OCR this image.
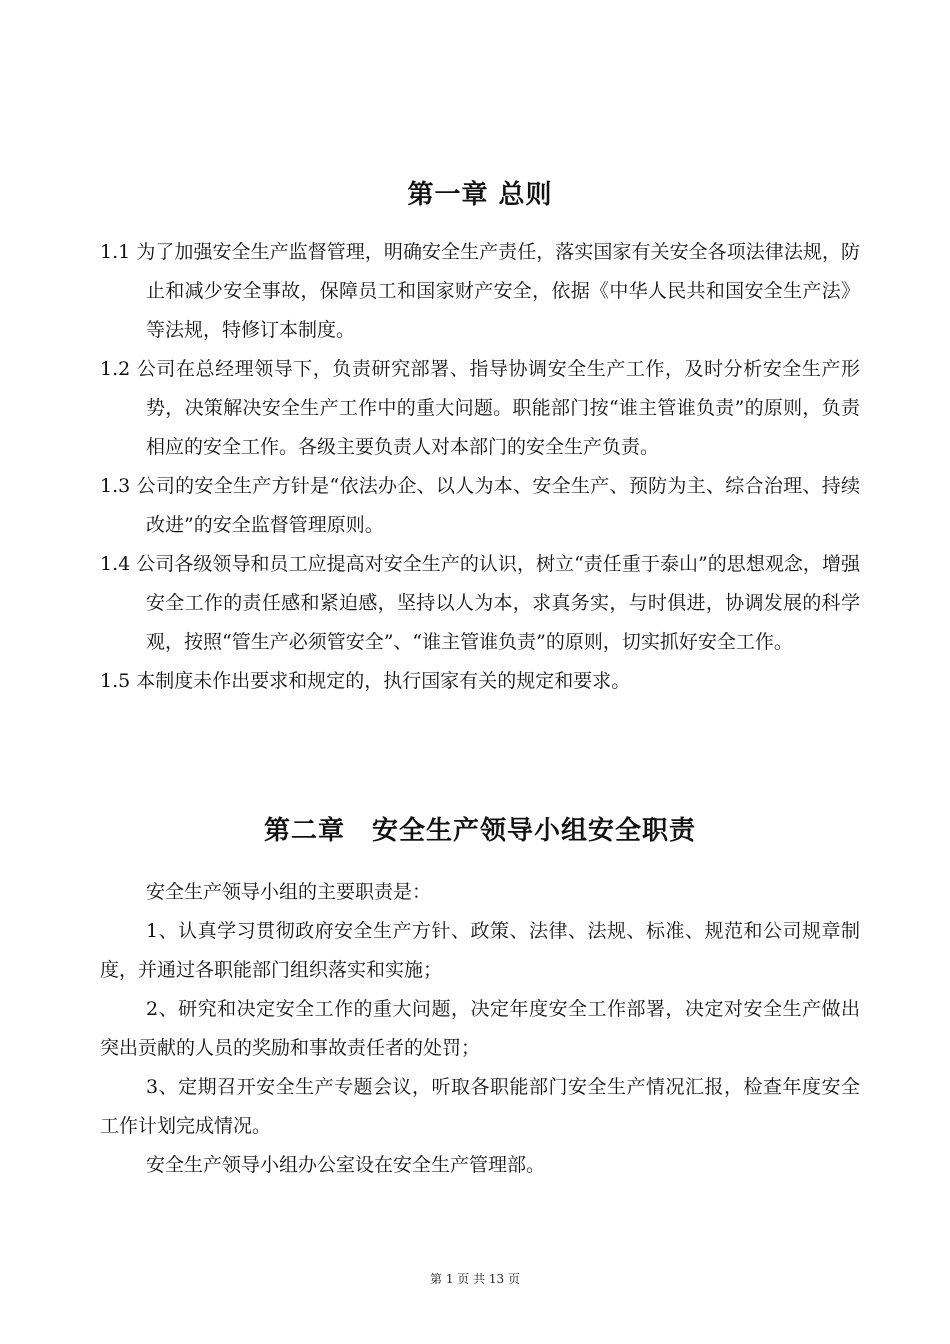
第一章 总则

1.1 为了加强安全生产监督管理，明确安全生产责任，落实国家有关安全各项法律法规，防止和减少安全事故，保障员工和国家财产安全，依据《中华人民共和国安全生产法》等法规，特修订本制度。

1.2 公司在总经理领导下，负责研究部署、指导协调安全生产工作，及时分析安全生产形势，决策解决安全生产工作中的重大问题。职能部门按“谁主管谁负责”的原则，负责相应的安全工作。各级主要负责人对本部门的安全生产负责。

1.3 公司的安全生产方针是“依法办企、以人为本、安全生产、预防为主、综合治理、持续改进”的安全监督管理原则。

1.4 公司各级领导和员工应提高对安全生产的认识，树立“责任重于泰山”的思想观念，增强安全工作的责任感和紧迫感，坚持以人为本，求真务实，与时俱进，协调发展的科学观，按照“管生产必须管安全”、“谁主管谁负责”的原则，切实抓好安全工作。

1.5 本制度未作出要求和规定的，执行国家有关的规定和要求。

第二章　安全生产领导小组安全职责

安全生产领导小组的主要职责是：

1、认真学习贯彻政府安全生产方针、政策、法律、法规、标准、规范和公司规章制度，并通过各职能部门组织落实和实施；

2、研究和决定安全工作的重大问题，决定年度安全工作部署，决定对安全生产做出突出贡献的人员的奖励和事故责任者的处罚；

3、定期召开安全生产专题会议，听取各职能部门安全生产情况汇报，检查年度安全工作计划完成情况。

安全生产领导小组办公室设在安全生产管理部。

第 1 页 共 13 页
